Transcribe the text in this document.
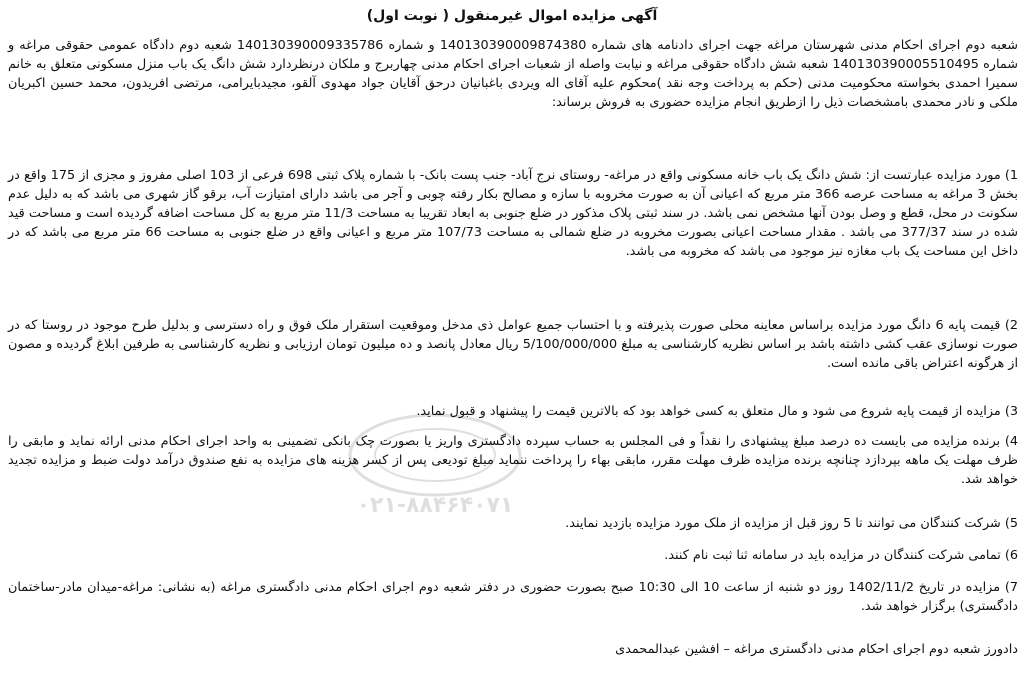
آگهی مزایده اموال غیرمنقول ( نوبت اول)

شعبه دوم اجرای احکام مدنی شهرستان مراغه جهت اجرای دادنامه های شماره 140130390009874380 و شماره 140130390009335786 شعبه دوم دادگاه عمومی حقوقی مراغه و شماره 140130390005510495 شعبه شش دادگاه حقوقی مراغه و نیابت واصله از شعبات اجرای احکام مدنی چهاربرج و ملکان درنظردارد شش دانگ یک باب منزل مسکونی متعلق به خانم سمیرا احمدی بخواسته محکومیت مدنی (حکم به پرداخت وجه نقد )محکوم علیه آقای اله ویردی باغبانیان درحق آقایان جواد مهدوی آلقو، مجیدبایرامی، مرتضی افریدون، محمد حسین اکبریان ملکی و نادر محمدی بامشخصات ذیل را ازطریق انجام مزایده حضوری به فروش برساند:

1) مورد مزایده عبارتست از: شش دانگ یک باب خانه مسکونی واقع در مراغه- روستای نرج آباد- جنب پست بانک- با شماره پلاک ثبتی 698 فرعی از 103 اصلی مفروز و مجزی از 175 واقع در بخش 3 مراغه به مساحت عرصه 366 متر مربع که اعیانی آن به صورت مخروبه با سازه و مصالح بکار رفته چوبی و آجر می باشد دارای امتیازت آب، برقو گاز شهری می باشد که به دلیل عدم سکونت در محل، قطع و وصل بودن آنها مشخص نمی باشد. در سند ثبتی پلاک مذکور در ضلع جنوبی به ابعاد تقریبا به مساحت 11/3 متر مربع به کل مساحت اضافه گردیده است و مساحت قید شده در سند 377/37 می باشد . مقدار مساحت اعیانی بصورت مخروبه در ضلع شمالی به مساحت 107/73 متر مربع و اعیانی واقع در ضلع جنوبی به مساحت 66 متر مربع می باشد که در داخل این مساحت یک باب مغازه نیز موجود می باشد که مخروبه می باشد.

2) قیمت پایه 6 دانگ مورد مزایده براساس معاینه محلی صورت پذیرفته و با احتساب جمیع عوامل ذی مدخل وموقعیت استقرار ملک فوق و راه دسترسی و بدلیل طرح موجود در روستا که در صورت نوسازی عقب کشی داشته باشد بر اساس نظریه کارشناسی به مبلغ 5/100/000/000 ریال معادل پانصد و ده میلیون تومان ارزیابی و نظریه کارشناسی به طرفین ابلاغ گردیده و مصون از هرگونه اعتراض باقی مانده است.

3) مزایده از قیمت پایه شروع می شود و مال متعلق به کسی خواهد بود که بالاترین قیمت را پیشنهاد و قبول نماید.

4) برنده مزایده می بایست ده درصد مبلغ پیشنهادی را نقداً و فی المجلس به حساب سپرده دادگستری واریز یا بصورت چک بانکی تضمینی به واحد اجرای احکام مدنی ارائه نماید و مابقی را ظرف مهلت یک ماهه بپردازد چنانچه برنده مزایده ظرف مهلت مقرر، مابقی بهاء را پرداخت ننماید مبلغ تودیعی پس از کسر هزینه های مزایده به نفع صندوق درآمد دولت ضبط و مزایده تجدید خواهد شد.

5) شرکت کنندگان می توانند تا 5 روز قبل از مزایده از ملک مورد مزایده بازدید نمایند.

6) تمامی شرکت کنندگان در مزایده باید در سامانه ثنا ثبت نام کنند.

7) مزایده در تاریخ 1402/11/2 روز دو شنبه از ساعت 10 الی 10:30 صبح بصورت حضوری در دفتر شعبه دوم اجرای احکام مدنی دادگستری مراغه (به نشانی: مراغه-میدان مادر-ساختمان دادگستری) برگزار خواهد شد.

دادورز شعبه دوم اجرای احکام مدنی دادگستری مراغه – افشین عبدالمحمدی

۰۲۱-۸۸۴۶۴۰۷۱
